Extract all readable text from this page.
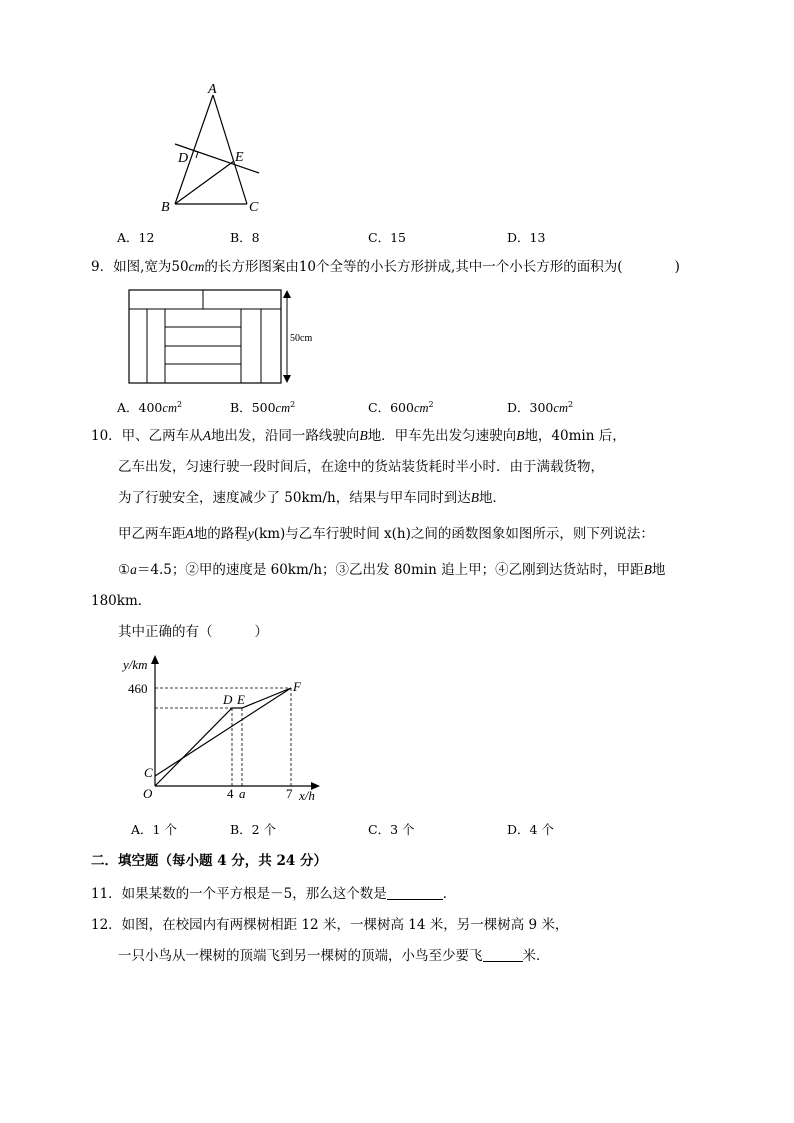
A
D	E
B	C
A．12	B．8	C．15	D．13
9．如图,宽为50cm的长方形图案由10个全等的小长方形拼成,其中一个小长方形的面积为(	)
50cm
A．$400cm^2$	B．$500cm^2$	C．$600cm^2$	D．$300cm^2$
10．甲、乙两车从A地出发，沿同一路线驶向B地．甲车先出发匀速驶向B地，40min 后，
乙车出发，匀速行驶一段时间后，在途中的货站装货耗时半小时．由于满载货物，
为了行驶安全，速度减少了 50km/h，结果与甲车同时到达B地．
甲乙两车距A地的路程y(km)与乙车行驶时间 x(h)之间的函数图象如图所示，则下列说法：
①a＝4.5；②甲的速度是 60km/h；③乙出发 80min 追上甲；④乙刚到达货站时，甲距B地
180km．
其中正确的有（	）
y/km
x/h
460
O
C
D E
F
4 a	7
A．1 个	B．2 个	C．3 个	D．4 个
二．填空题（每小题 4 分，共 24 分）
11．如果某数的一个平方根是－5，那么这个数是	．
12．如图，在校园内有两棵树相距 12 米，一棵树高 14 米，另一棵树高 9 米，
一只小鸟从一棵树的顶端飞到另一棵树的顶端，小鸟至少要飞	米．
